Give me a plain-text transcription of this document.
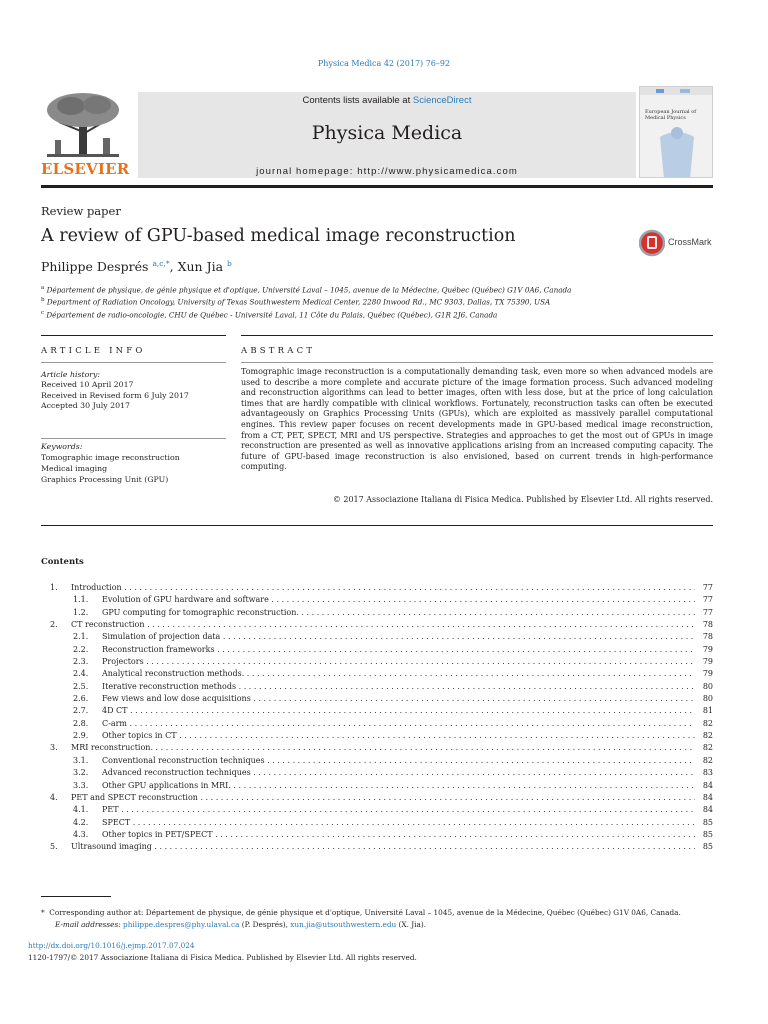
Physica Medica 42 (2017) 76–92
ELSEVIER
Contents lists available at ScienceDirect
Physica Medica
journal homepage: http://www.physicamedica.com
European Journal of Medical Physics
Review paper
A review of GPU-based medical image reconstruction	CrossMark
Philippe Després $^{a,c,*}$, Xun Jia $^b$
$^a$ Département de physique, de génie physique et d'optique, Université Laval – 1045, avenue de la Médecine, Québec (Québec) G1V 0A6, Canada
$^b$ Department of Radiation Oncology, University of Texas Southwestern Medical Center, 2280 Inwood Rd., MC 9303, Dallas, TX 75390, USA
$^c$ Département de radio-oncologie, CHU de Québec - Université Laval, 11 Côte du Palais, Québec (Québec), G1R 2J6, Canada
ARTICLE INFO	ABSTRACT
Article history:
Received 10 April 2017
Received in Revised form 6 July 2017
Accepted 30 July 2017
Keywords:
Tomographic image reconstruction
Medical imaging
Graphics Processing Unit (GPU)
Tomographic image reconstruction is a computationally demanding task, even more so when advanced models are used to describe a more complete and accurate picture of the image formation process. Such advanced modeling and reconstruction algorithms can lead to better images, often with less dose, but at the price of long calculation times that are hardly compatible with clinical workflows. Fortunately, reconstruction tasks can often be executed advantageously on Graphics Processing Units (GPUs), which are exploited as massively parallel computational engines. This review paper focuses on recent developments made in GPU-based medical image reconstruction, from a CT, PET, SPECT, MRI and US perspective. Strategies and approaches to get the most out of GPUs in image reconstruction are presented as well as innovative applications arising from an increased computing capacity. The future of GPU-based image reconstruction is also envisioned, based on current trends in high-performance computing.
© 2017 Associazione Italiana di Fisica Medica. Published by Elsevier Ltd. All rights reserved.
Contents
1. Introduction . . .	77
1.1. Evolution of GPU hardware and software . . .	77
1.2. GPU computing for tomographic reconstruction. . . .	77
2. CT reconstruction . . .	78
2.1. Simulation of projection data . . .	78
2.2. Reconstruction frameworks . . .	79
2.3. Projectors . . .	79
2.4. Analytical reconstruction methods. . . .	79
2.5. Iterative reconstruction methods . . .	80
2.6. Few views and low dose acquisitions . . .	80
2.7. 4D CT . . .	81
2.8. C-arm . . .	82
2.9. Other topics in CT . . .	82
3. MRI reconstruction. . . .	82
3.1. Conventional reconstruction techniques . . .	82
3.2. Advanced reconstruction techniques . . .	83
3.3. Other GPU applications in MRI. . . .	84
4. PET and SPECT reconstruction . . .	84
4.1. PET . . .	84
4.2. SPECT . . .	85
4.3. Other topics in PET/SPECT . . .	85
5. Ultrasound imaging . . .	85
* Corresponding author at: Département de physique, de génie physique et d'optique, Université Laval – 1045, avenue de la Médecine, Québec (Québec) G1V 0A6, Canada.
E-mail addresses: philippe.despres@phy.ulaval.ca (P. Després), xun.jia@utsouthwestern.edu (X. Jia).
http://dx.doi.org/10.1016/j.ejmp.2017.07.024
1120-1797/© 2017 Associazione Italiana di Fisica Medica. Published by Elsevier Ltd. All rights reserved.
